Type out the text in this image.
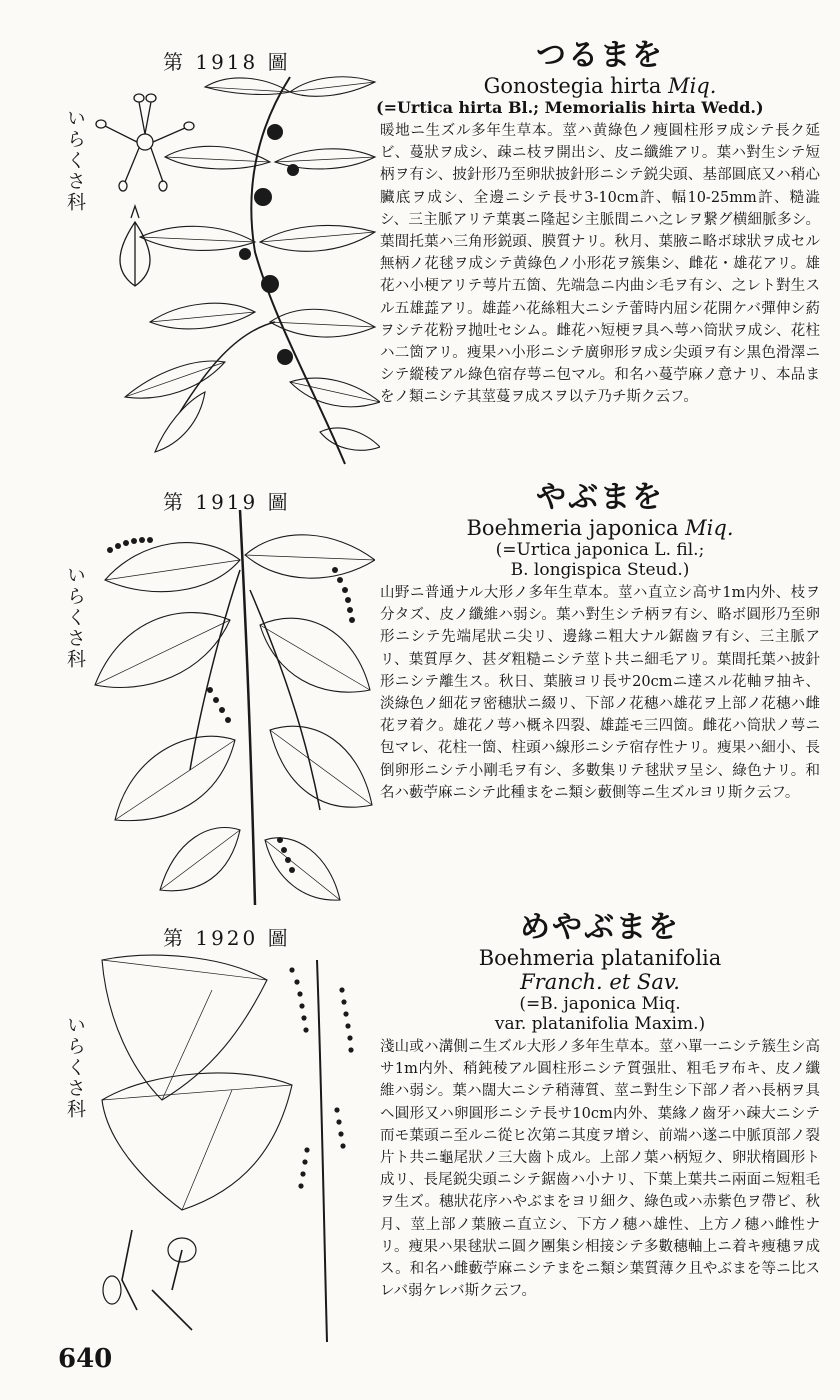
第 1918 圖
いらくさ科
つるまを
Gonostegia hirta Miq.
(=Urtica hirta Bl.; Memorialis hirta Wedd.)
暖地ニ生ズル多年生草本。莖ハ黄綠色ノ痩圓柱形ヲ成シテ長ク延ビ、蔓狀ヲ成シ、疎ニ枝ヲ開出シ、皮ニ纖維アリ。葉ハ對生シテ短柄ヲ有シ、披針形乃至卵狀披針形ニシテ鋭尖頭、基部圓底又ハ稍心臟底ヲ成シ、全邊ニシテ長サ3-10cm許、幅10-25mm許、糙澁シ、三主脈アリテ葉裏ニ隆起シ主脈間ニハ之レヲ繋グ横細脈多シ。葉間托葉ハ三角形鋭頭、膜質ナリ。秋月、葉腋ニ略ボ球狀ヲ成セル無柄ノ花毬ヲ成シテ黄綠色ノ小形花ヲ簇集シ、雌花・雄花アリ。雄花ハ小梗アリテ萼片五箇、先端急ニ内曲シ毛ヲ有シ、之レト對生スル五雄蕋アリ。雄蕋ハ花絲粗大ニシテ蕾時内屈シ花開ケバ彈伸シ葯ヲシテ花粉ヲ抛吐セシム。雌花ハ短梗ヲ具ヘ萼ハ筒狀ヲ成シ、花柱ハ二箇アリ。痩果ハ小形ニシテ廣卵形ヲ成シ尖頭ヲ有シ黒色滑澤ニシテ縱稜アル綠色宿存萼ニ包マル。和名ハ蔓苧麻ノ意ナリ、本品まをノ類ニシテ其莖蔓ヲ成スヲ以テ乃チ斯ク云フ。
第 1919 圖
いらくさ科
やぶまを
Boehmeria japonica Miq.
(=Urtica japonica L. fil.;
B. longispica Steud.)
山野ニ普通ナル大形ノ多年生草本。莖ハ直立シ高サ1m内外、枝ヲ分タズ、皮ノ纖維ハ弱シ。葉ハ對生シテ柄ヲ有シ、略ボ圓形乃至卵形ニシテ先端尾狀ニ尖リ、邊緣ニ粗大ナル鋸齒ヲ有シ、三主脈アリ、葉質厚ク、甚ダ粗糙ニシテ莖ト共ニ細毛アリ。葉間托葉ハ披針形ニシテ離生ス。秋日、葉腋ヨリ長サ20cmニ達スル花軸ヲ抽キ、淡綠色ノ細花ヲ密穗狀ニ綴リ、下部ノ花穗ハ雄花ヲ上部ノ花穗ハ雌花ヲ着ク。雄花ノ萼ハ概ネ四裂、雄蕋モ三四箇。雌花ハ筒狀ノ萼ニ包マレ、花柱一箇、柱頭ハ線形ニシテ宿存性ナリ。痩果ハ細小、長倒卵形ニシテ小剛毛ヲ有シ、多數集リテ毬狀ヲ呈シ、綠色ナリ。和名ハ藪苧麻ニシテ此種まをニ類シ藪側等ニ生ズルヨリ斯ク云フ。
第 1920 圖
いらくさ科
めやぶまを
Boehmeria platanifolia
Franch. et Sav.
(=B. japonica Miq.
var. platanifolia Maxim.)
淺山或ハ溝側ニ生ズル大形ノ多年生草本。莖ハ單一ニシテ簇生シ高サ1m内外、稍鈍稜アル圓柱形ニシテ質强壯、粗毛ヲ布キ、皮ノ纖維ハ弱シ。葉ハ闊大ニシテ稍薄質、莖ニ對生シ下部ノ者ハ長柄ヲ具ヘ圓形又ハ卵圓形ニシテ長サ10cm内外、葉緣ノ齒牙ハ疎大ニシテ而モ葉頭ニ至ルニ從ヒ次第ニ其度ヲ增シ、前端ハ遂ニ中脈頂部ノ裂片ト共ニ龜尾狀ノ三大齒ト成ル。上部ノ葉ハ柄短ク、卵狀楕圓形ト成リ、長尾鋭尖頭ニシテ鋸齒ハ小ナリ、下葉上葉共ニ兩面ニ短粗毛ヲ生ズ。穗狀花序ハやぶまをヨリ細ク、綠色或ハ赤紫色ヲ帶ビ、秋月、莖上部ノ葉腋ニ直立シ、下方ノ穗ハ雄性、上方ノ穗ハ雌性ナリ。痩果ハ果毬狀ニ圓ク團集シ相接シテ多數穗軸上ニ着キ痩穗ヲ成ス。和名ハ雌藪苧麻ニシテまをニ類シ葉質薄ク且やぶまを等ニ比スレバ弱ケレバ斯ク云フ。
640
